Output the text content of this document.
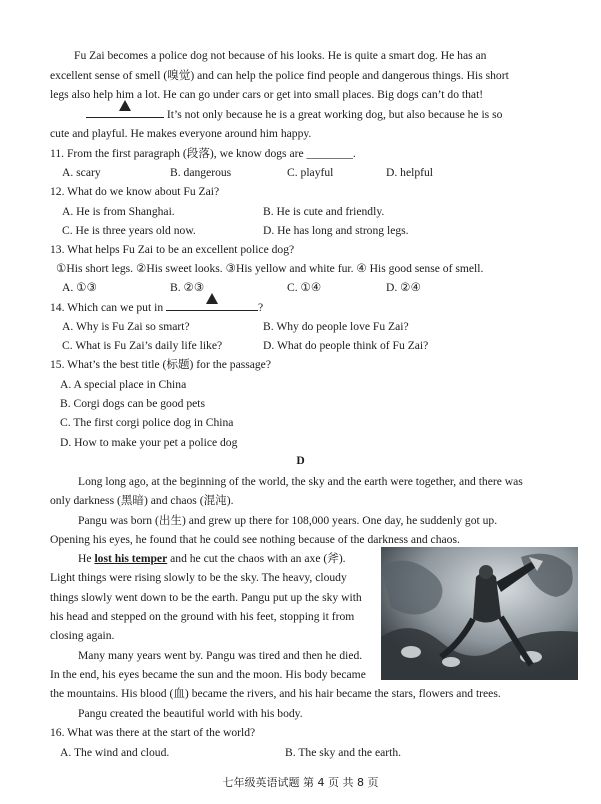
Fu Zai becomes a police dog not because of his looks. He is quite a smart dog. He has an
excellent sense of smell (嗅觉) and can help the police find people and dangerous things. His short
legs also help him a lot. He can go under cars or get into small places. Big dogs can’t do that!
It’s not only because he is a great working dog, but also because he is so
cute and playful. He makes everyone around him happy.
11. From the first paragraph (段落), we know dogs are ________.
A. scary	B. dangerous	C. playful	D. helpful
12. What do we know about Fu Zai?
A. He is from Shanghai.	B. He is cute and friendly.
C. He is three years old now.	D. He has long and strong legs.
13. What helps Fu Zai to be an excellent police dog?
①His short legs. ②His sweet looks. ③His yellow and white fur. ④ His good sense of smell.
A. ①③	B. ②③	C. ①④	D. ②④
14. Which can we put in	?
A. Why is Fu Zai so smart?	B. Why do people love Fu Zai?
C. What is Fu Zai’s daily life like?	D. What do people think of Fu Zai?
15. What’s the best title (标题) for the passage?
A. A special place in China
B. Corgi dogs can be good pets
C. The first corgi police dog in China
D. How to make your pet a police dog
D
Long long ago, at the beginning of the world, the sky and the earth were together, and there was
only darkness (黑暗) and chaos (混沌).
Pangu was born (出生) and grew up there for 108,000 years. One day, he suddenly got up.
Opening his eyes, he found that he could see nothing because of the darkness and chaos.
He lost his temper and he cut the chaos with an axe (斧).
Light things were rising slowly to be the sky. The heavy, cloudy
things slowly went down to be the earth. Pangu put up the sky with
his head and stepped on the ground with his feet, stopping it from
closing again.
Many many years went by. Pangu was tired and then he died.
In the end, his eyes became the sun and the moon. His body became
the mountains. His blood (血) became the rivers, and his hair became the stars, flowers and trees.
Pangu created the beautiful world with his body.
16. What was there at the start of the world?
A. The wind and cloud.	B. The sky and the earth.
七年级英语试题 第 4 页 共 8 页
